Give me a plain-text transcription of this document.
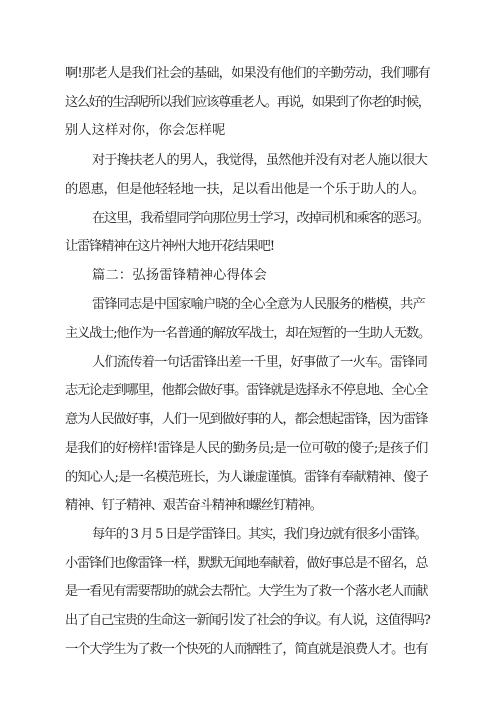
啊!那老人是我们社会的基础，如果没有他们的辛勤劳动，我们哪有
这么好的生活呢所以我们应该尊重老人。再说，如果到了你老的时候，
别人这样对你，你会怎样呢
对于搀扶老人的男人，我觉得，虽然他并没有对老人施以很大
的恩惠，但是他轻轻地一扶，足以看出他是一个乐于助人的人。
在这里，我希望同学向那位男士学习，改掉司机和乘客的恶习。
让雷锋精神在这片神州大地开花结果吧!
篇二：弘扬雷锋精神心得体会
雷锋同志是中国家喻户晓的全心全意为人民服务的楷模，共产
主义战士;他作为一名普通的解放军战士，却在短暂的一生助人无数。
人们流传着一句话雷锋出差一千里，好事做了一火车。雷锋同
志无论走到哪里，他都会做好事。雷锋就是选择永不停息地、全心全
意为人民做好事，人们一见到做好事的人，都会想起雷锋，因为雷锋
是我们的好榜样!雷锋是人民的勤务员;是一位可敬的傻子;是孩子们
的知心人;是一名模范班长，为人谦虚谨慎。雷锋有奉献精神、傻子
精神、钉子精神、艰苦奋斗精神和螺丝钉精神。
每年的 3 月 5 日是学雷锋日。其实，我们身边就有很多小雷锋。
小雷锋们也像雷锋一样，默默无闻地奉献着，做好事总是不留名，总
是一看见有需要帮助的就会去帮忙。大学生为了救一个落水老人而献
出了自己宝贵的生命这一新闻引发了社会的争议。有人说，这值得吗?
一个大学生为了救一个快死的人而牺牲了，简直就是浪费人才。也有
